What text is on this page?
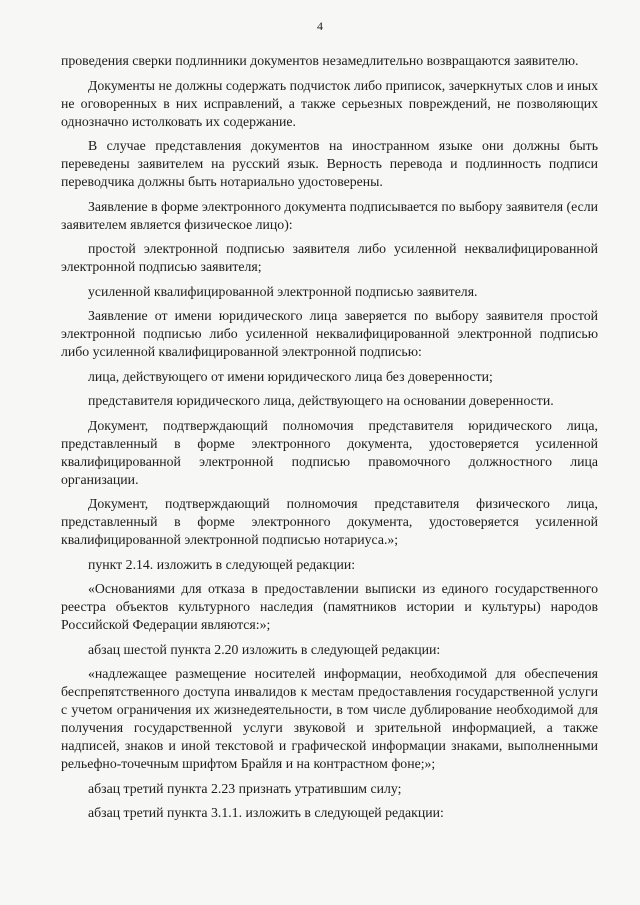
4

проведения сверки подлинники документов незамедлительно возвращаются заявителю.

Документы не должны содержать подчисток либо приписок, зачеркнутых слов и иных не оговоренных в них исправлений, а также серьезных повреждений, не позволяющих однозначно истолковать их содержание.

В случае представления документов на иностранном языке они должны быть переведены заявителем на русский язык. Верность перевода и подлинность подписи переводчика должны быть нотариально удостоверены.

Заявление в форме электронного документа подписывается по выбору заявителя (если заявителем является физическое лицо):

простой электронной подписью заявителя либо усиленной неквалифицированной электронной подписью заявителя;

усиленной квалифицированной электронной подписью заявителя.

Заявление от имени юридического лица заверяется по выбору заявителя простой электронной подписью либо усиленной неквалифицированной электронной подписью либо усиленной квалифицированной электронной подписью:

лица, действующего от имени юридического лица без доверенности;

представителя юридического лица, действующего на основании доверенности.

Документ, подтверждающий полномочия представителя юридического лица, представленный в форме электронного документа, удостоверяется усиленной квалифицированной электронной подписью правомочного должностного лица организации.

Документ, подтверждающий полномочия представителя физического лица, представленный в форме электронного документа, удостоверяется усиленной квалифицированной электронной подписью нотариуса.»;

пункт 2.14. изложить в следующей редакции:

«Основаниями для отказа в предоставлении выписки из единого государственного реестра объектов культурного наследия (памятников истории и культуры) народов Российской Федерации являются:»;

абзац шестой пункта 2.20 изложить в следующей редакции:

«надлежащее размещение носителей информации, необходимой для обеспечения беспрепятственного доступа инвалидов к местам предоставления государственной услуги с учетом ограничения их жизнедеятельности, в том числе дублирование необходимой для получения государственной услуги звуковой и зрительной информацией, а также надписей, знаков и иной текстовой и графической информации знаками, выполненными рельефно-точечным шрифтом Брайля и на контрастном фоне;»;

абзац третий пункта 2.23 признать утратившим силу;

абзац третий пункта 3.1.1. изложить в следующей редакции:
